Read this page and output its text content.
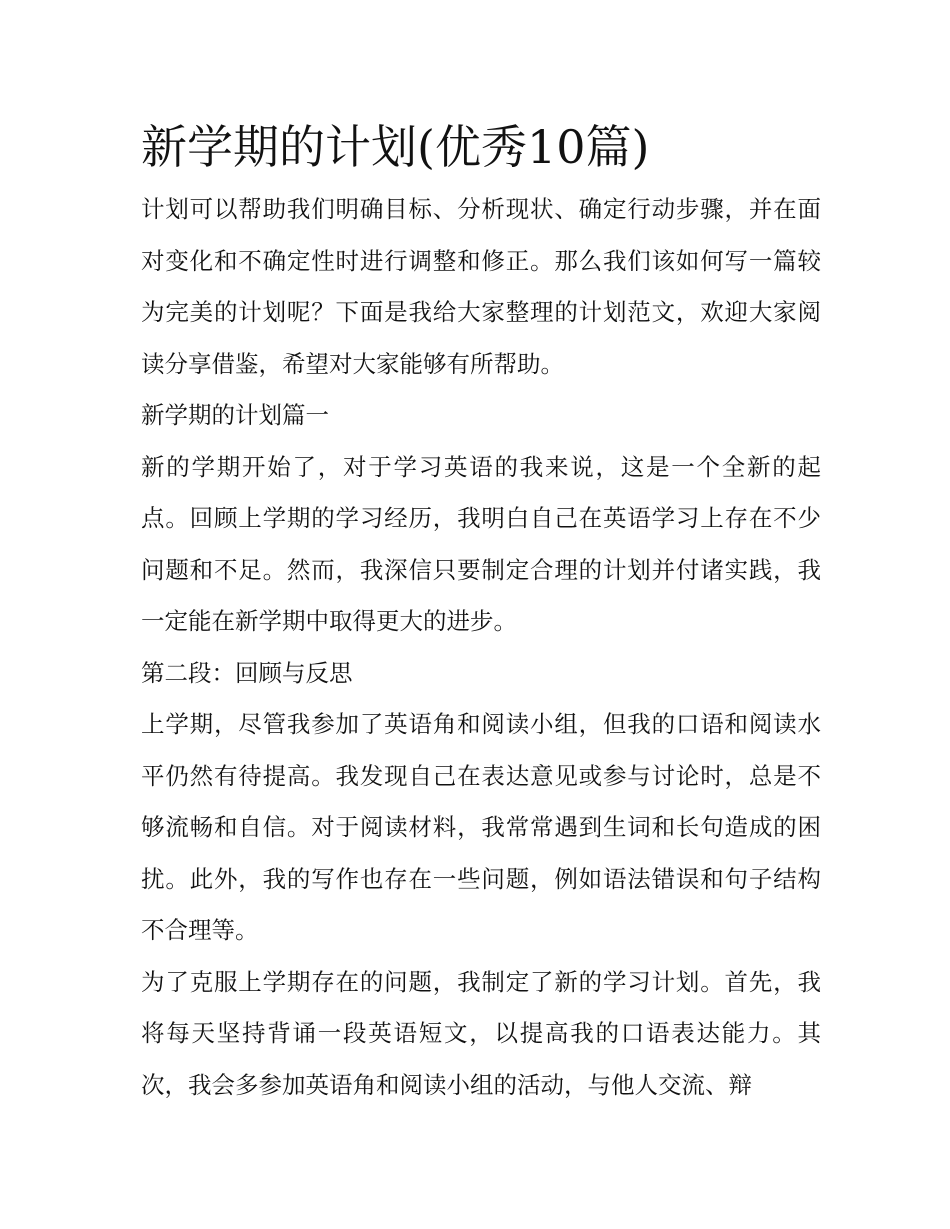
新学期的计划(优秀10篇)

计划可以帮助我们明确目标、分析现状、确定行动步骤，并在面对变化和不确定性时进行调整和修正。那么我们该如何写一篇较为完美的计划呢？下面是我给大家整理的计划范文，欢迎大家阅读分享借鉴，希望对大家能够有所帮助。

新学期的计划篇一

新的学期开始了，对于学习英语的我来说，这是一个全新的起点。回顾上学期的学习经历，我明白自己在英语学习上存在不少问题和不足。然而，我深信只要制定合理的计划并付诸实践，我一定能在新学期中取得更大的进步。

第二段：回顾与反思

上学期，尽管我参加了英语角和阅读小组，但我的口语和阅读水平仍然有待提高。我发现自己在表达意见或参与讨论时，总是不够流畅和自信。对于阅读材料，我常常遇到生词和长句造成的困扰。此外，我的写作也存在一些问题，例如语法错误和句子结构不合理等。

为了克服上学期存在的问题，我制定了新的学习计划。首先，我将每天坚持背诵一段英语短文，以提高我的口语表达能力。其次，我会多参加英语角和阅读小组的活动，与他人交流、辩
